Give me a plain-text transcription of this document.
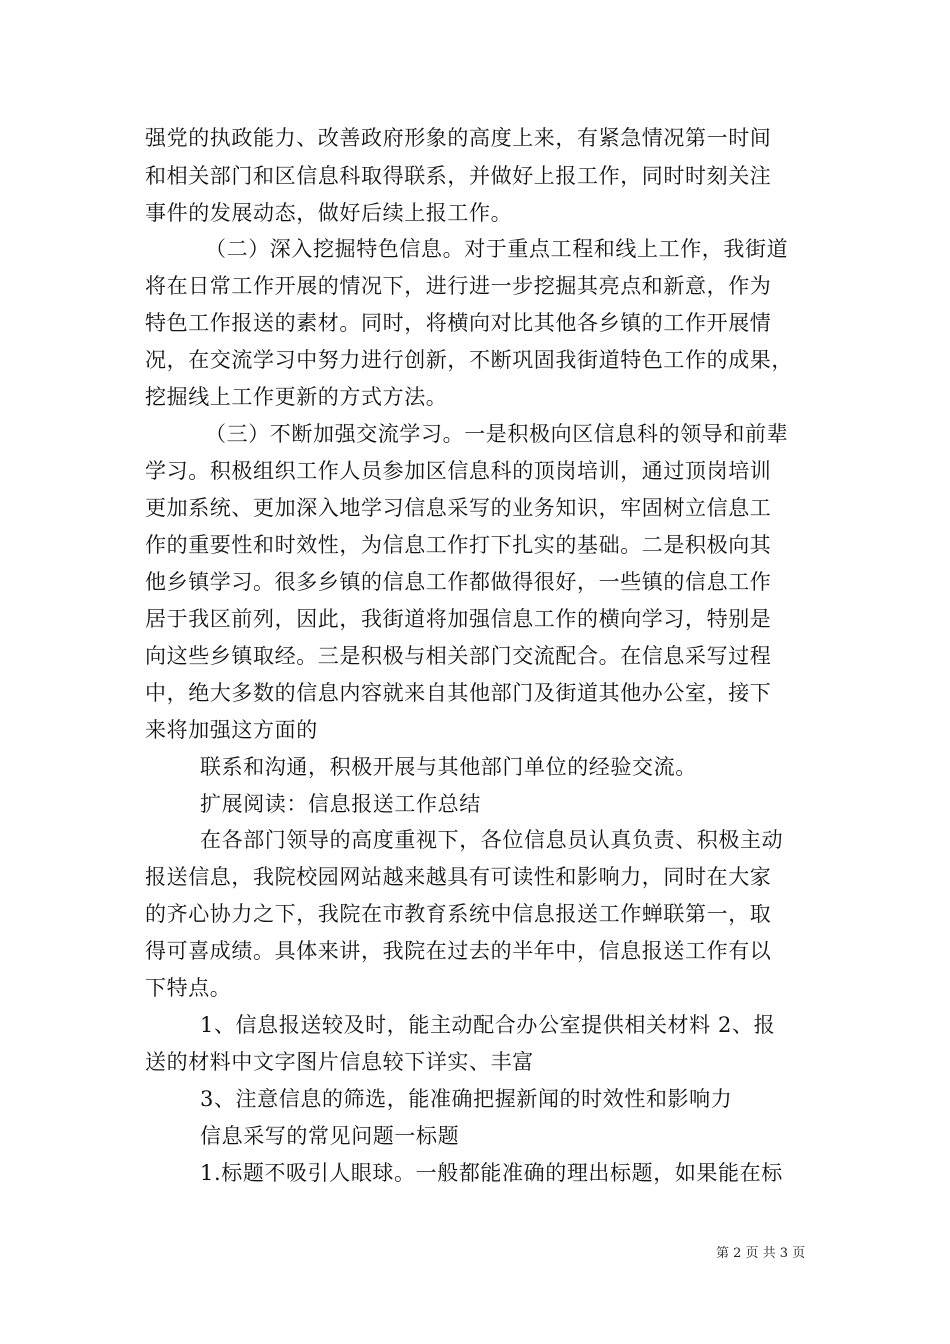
强党的执政能力、改善政府形象的高度上来，有紧急情况第一时间
和相关部门和区信息科取得联系，并做好上报工作，同时时刻关注
事件的发展动态，做好后续上报工作。
（二）深入挖掘特色信息。对于重点工程和线上工作，我街道
将在日常工作开展的情况下，进行进一步挖掘其亮点和新意，作为
特色工作报送的素材。同时，将横向对比其他各乡镇的工作开展情
况，在交流学习中努力进行创新，不断巩固我街道特色工作的成果，
挖掘线上工作更新的方式方法。
（三）不断加强交流学习。一是积极向区信息科的领导和前辈
学习。积极组织工作人员参加区信息科的顶岗培训，通过顶岗培训
更加系统、更加深入地学习信息采写的业务知识，牢固树立信息工
作的重要性和时效性，为信息工作打下扎实的基础。二是积极向其
他乡镇学习。很多乡镇的信息工作都做得很好，一些镇的信息工作
居于我区前列，因此，我街道将加强信息工作的横向学习，特别是
向这些乡镇取经。三是积极与相关部门交流配合。在信息采写过程
中，绝大多数的信息内容就来自其他部门及街道其他办公室，接下
来将加强这方面的
联系和沟通，积极开展与其他部门单位的经验交流。
扩展阅读：信息报送工作总结
在各部门领导的高度重视下，各位信息员认真负责、积极主动
报送信息，我院校园网站越来越具有可读性和影响力，同时在大家
的齐心协力之下，我院在市教育系统中信息报送工作蝉联第一，取
得可喜成绩。具体来讲，我院在过去的半年中，信息报送工作有以
下特点。
1、信息报送较及时，能主动配合办公室提供相关材料 2、报
送的材料中文字图片信息较下详实、丰富
3、注意信息的筛选，能准确把握新闻的时效性和影响力
信息采写的常见问题一标题
1.标题不吸引人眼球。一般都能准确的理出标题，如果能在标
第 2 页 共 3 页
